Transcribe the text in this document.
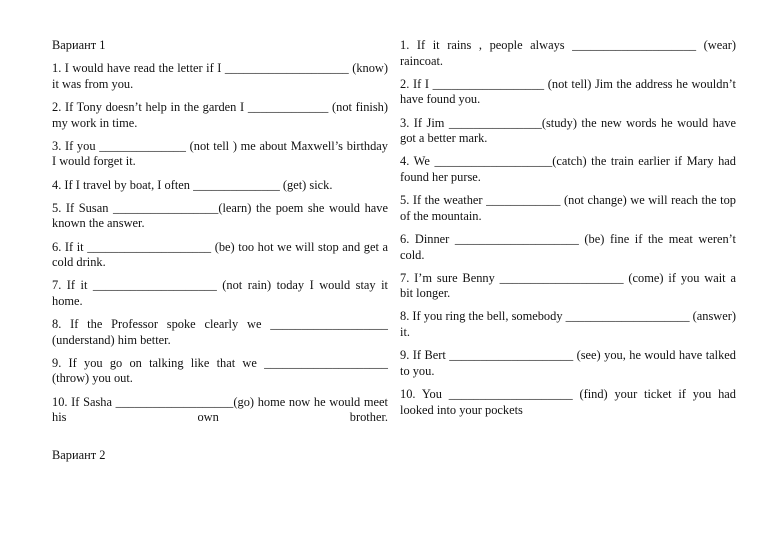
Вариант 1
1. I would have read the letter if I ____________________ (know) it was from you.
2. If Tony doesn’t help in the garden I _____________ (not finish) my work in time.
3. If you ______________ (not tell ) me about Maxwell’s birthday I would forget it.
4. If I travel by boat, I often ______________ (get) sick.
5. If Susan _________________(learn) the poem she would have known the answer.
6. If it ____________________ (be) too hot we will stop and get a cold drink.
7. If it ____________________ (not rain) today I would stay it home.
8. If the Professor spoke clearly we ___________________ (understand) him better.
9. If you go on talking like that we ____________________ (throw) you out.
10. If Sasha ___________________(go) home now he would meet his own brother.
1. If it rains , people always ____________________ (wear) raincoat.
2. If I __________________ (not tell) Jim the address he wouldn’t have found you.
3. If Jim _______________(study) the new words he would have got a better mark.
4. We ___________________(catch) the train earlier if Mary had found her purse.
5. If the weather ____________ (not change) we will reach the top of the mountain.
6. Dinner ____________________ (be) fine if the meat weren’t cold.
7. I’m sure Benny ____________________ (come) if you wait a bit longer.
8. If you ring the bell, somebody ____________________ (answer) it.
9. If Bert ____________________ (see) you, he would have talked to you.
10. You ____________________ (find) your ticket if you had looked into your pockets
Вариант 2
